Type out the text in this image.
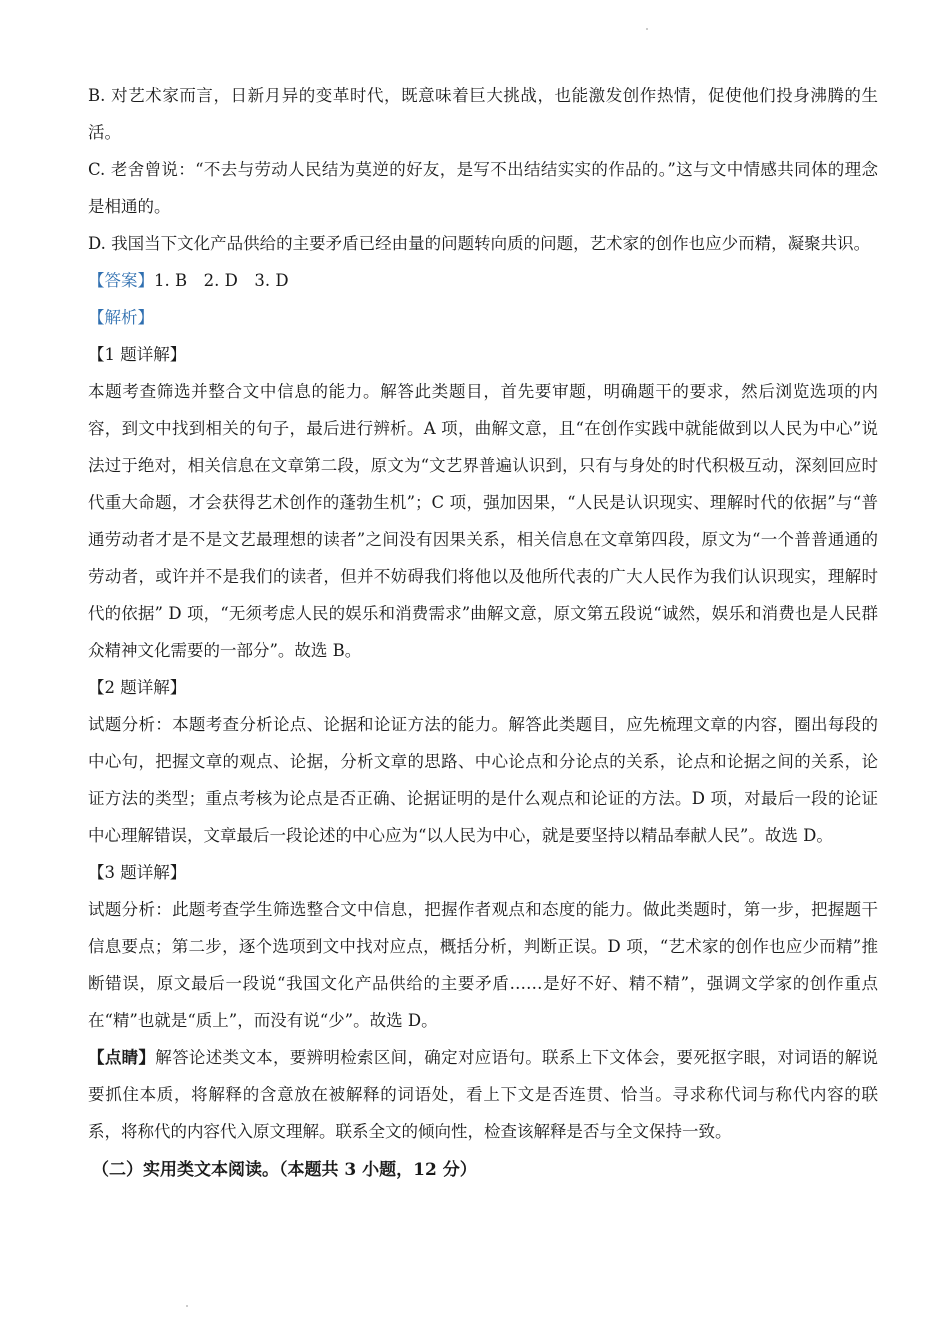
B. 对艺术家而言，日新月异的变革时代，既意味着巨大挑战，也能激发创作热情，促使他们投身沸腾的生活。

C. 老舍曾说：“不去与劳动人民结为莫逆的好友，是写不出结结实实的作品的。”这与文中情感共同体的理念是相通的。

D. 我国当下文化产品供给的主要矛盾已经由量的问题转向质的问题，艺术家的创作也应少而精，凝聚共识。

【答案】1. B　2. D　3. D

【解析】

【1 题详解】

本题考查筛选并整合文中信息的能力。解答此类题目，首先要审题，明确题干的要求，然后浏览选项的内容，到文中找到相关的句子，最后进行辨析。A 项，曲解文意，且“在创作实践中就能做到以人民为中心”说法过于绝对，相关信息在文章第二段，原文为“文艺界普遍认识到，只有与身处的时代积极互动，深刻回应时代重大命题，才会获得艺术创作的蓬勃生机”；C 项，强加因果，“人民是认识现实、理解时代的依据”与“普通劳动者才是不是文艺最理想的读者”之间没有因果关系，相关信息在文章第四段，原文为“一个普普通通的劳动者，或许并不是我们的读者，但并不妨碍我们将他以及他所代表的广大人民作为我们认识现实，理解时代的依据” D 项，“无须考虑人民的娱乐和消费需求”曲解文意，原文第五段说“诚然，娱乐和消费也是人民群众精神文化需要的一部分”。故选 B。

【2 题详解】

试题分析：本题考查分析论点、论据和论证方法的能力。解答此类题目，应先梳理文章的内容，圈出每段的中心句，把握文章的观点、论据，分析文章的思路、中心论点和分论点的关系，论点和论据之间的关系，论证方法的类型；重点考核为论点是否正确、论据证明的是什么观点和论证的方法。D 项，对最后一段的论证中心理解错误，文章最后一段论述的中心应为“以人民为中心，就是要坚持以精品奉献人民”。故选 D。

【3 题详解】

试题分析：此题考查学生筛选整合文中信息，把握作者观点和态度的能力。做此类题时，第一步，把握题干信息要点；第二步，逐个选项到文中找对应点，概括分析，判断正误。D 项，“艺术家的创作也应少而精”推断错误，原文最后一段说“我国文化产品供给的主要矛盾……是好不好、精不精”，强调文学家的创作重点在“精”也就是“质上”，而没有说“少”。故选 D。

【点睛】解答论述类文本，要辨明检索区间，确定对应语句。联系上下文体会，要死抠字眼，对词语的解说要抓住本质，将解释的含意放在被解释的词语处，看上下文是否连贯、恰当。寻求称代词与称代内容的联系，将称代的内容代入原文理解。联系全文的倾向性，检查该解释是否与全文保持一致。

（二）实用类文本阅读。（本题共 3 小题，12 分）
